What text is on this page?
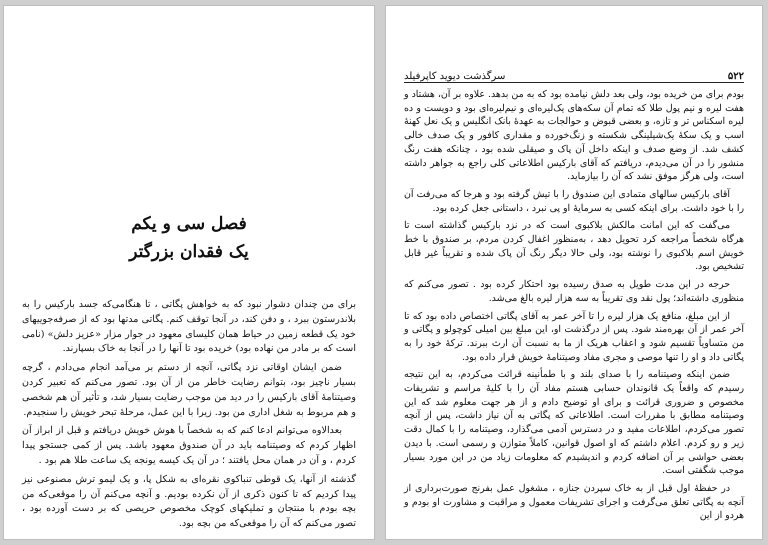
فصل سی و یکم
یک فقدان بزرگتر

برای من چندان دشوار نبود که به خواهش پگاتی ، تا هنگامی‌که جسد بارکیس را به بلاندرستون ببرد ، و دفن کند، در آنجا توقف کنم. پگاتی مدتها بود که از صرفه‌جوییهای خود یک قطعه زمین در حیاط همان کلیسای معهود در جوار مزار «عزیز دلش» (نامی است که بر مادر من نهاده بود) خریده بود تا آنها را در آنجا به خاک بسپارند.

ضمن ایشان اوقاتی نزد پگاتی، آنچه از دستم بر می‌آمد انجام می‌دادم ، گرچه بسیار ناچیز بود، بتوانم رضایت خاطر من از آن بود. تصور می‌کنم که تعبیر کردن وصیتنامهٔ آقای بارکیس را در دید من موجب رضایت بسیار شد، و تأثیر آن هم شخصی و هم مربوط به شغل اداری من بود. زیرا با این عمل، مرحلهٔ تبحر خویش را سنجیدم.

بعدالاوه می‌توانم ادعا کنم که به شخصاً با هوش خویش دریافتم و قبل از ابراز آن اظهار کردم که وصیتنامه باید در آن صندوق معهود باشد. پس از کمی جستجو پیدا کردم ، و آن در همان محل یافتند ؛ در آن یک کیسه یونجه یک ساعت طلا هم بود .

گذشته از آنها، یک قوطی تنباکوی نقره‌ای به شکل پا، و یک لیمو ترش مصنوعی نیز پیدا کردیم که تا کنون ذکری از آن نکرده بودیم. و آنچه می‌کنم آن را موقعی‌که من بچه بودم با منتجان و تملیکهای کوچک مخصوص حریصی که بر دست آورده بود ، تصور می‌کنم که آن را موقعی‌که من بچه بود.

سرگذشت دیوید کاپرفیلد	۵۲۲

بودم برای من خریده بود، ولی بعد دلش نیامده بود که به من بدهد. علاوه بر آن، هشتاد و هفت لیره و نیم پول طلا که تمام آن سکه‌های یک‌لیره‌ای و نیم‌لیره‌ای بود و دویست و ده لیره اسکناس تر و تازه، و بعضی قبوض و حوالجات به عهدهٔ بانک انگلیس و یک نعل کهنهٔ اسب و یک سکهٔ یک‌شیلینگی شکسته و زنگ‌خورده و مقداری کافور و یک صدف خالی کشف شد. از وضع صدف و اینکه داخل آن پاک و صیقلی شده بود ، چنانکه هفت رنگ منشور را در آن می‌دیدم، دریافتم که آقای بارکیس اطلاعاتی کلی راجع به جواهر داشته است، ولی هرگز موفق نشد که آن را بیازماید.

آقای بارکیس سالهای متمادی این صندوق را با تیش گرفته بود و هرجا که می‌رفت آن را با خود داشت. برای اینکه کسی به سرمایهٔ او پی نبرد ، داستانی جعل کرده بود.

می‌گفت که این امانت مالکش بلاکبوی است که در نزد بارکیس گذاشته است تا هرگاه شخصاً مراجعه کرد تحویل دهد ، به‌منظور اغفال کردن مردم، بر صندوق با خط خویش اسم بلاکبوی را نوشته بود، ولی حالا دیگر رنگ آن پاک شده و تقریباً غیر قابل تشخیص بود.

حرجه در این مدت طویل به صدق رسیده بود احتکار کرده بود . تصور می‌کنم که منظوری داشته‌اند؛ پول نقد وی تقریباً به سه هزار لیره بالغ می‌شد.

از این مبلغ، منافع یک هزار لیره را تا آخر عمر به آقای پگاتی اختصاص داده بود که تا آخر عمر از آن بهره‌مند شود. پس از درگذشت او، این مبلغ بین امیلی کوچولو و پگاتی و من متساویاً تقسیم شود و اعقاب هریک از ما به نسبت آن ارث ببرند. ترکهٔ خود را به پگاتی داد و او را تنها موصی و مجری مفاد وصیتنامهٔ خویش قرار داده بود.

ضمن اینکه وصیتنامه را با صدای بلند و با طمأنینه قرائت می‌کردم، به این نتیجه رسیدم که واقعاً یک قانوندان حسابی هستم مفاد آن را با کلیهٔ مراسم و تشریفات مخصوص و ضروری قرائت و برای او توضیح دادم و از هر جهت معلوم شد که این وصیتنامه مطابق با مقررات است. اطلاعاتی که پگاتی به آن نیاز داشت، پس از آنچه تصور می‌کردم، اطلاعات مفید و در دسترس آدمی می‌گذارد، وصیتنامه را با کمال دقت زیر و رو کردم. اعلام داشتم که او اصول قوانین، کاملاً متوازن و رسمی است. با دیدن بعضی حواشی بر آن اضافه کردم و اندیشیدم که معلومات زیاد من در این مورد بسیار موجب شگفتی است.

در حفظهٔ اول قبل از به خاک سپردن جنازه ، مشغول عمل بفرنج صورت‌برداری از آنچه به پگاتی تعلق می‌گرفت و اجرای تشریفات معمول و مراقبت و مشاورت او بودم و هردو از این
